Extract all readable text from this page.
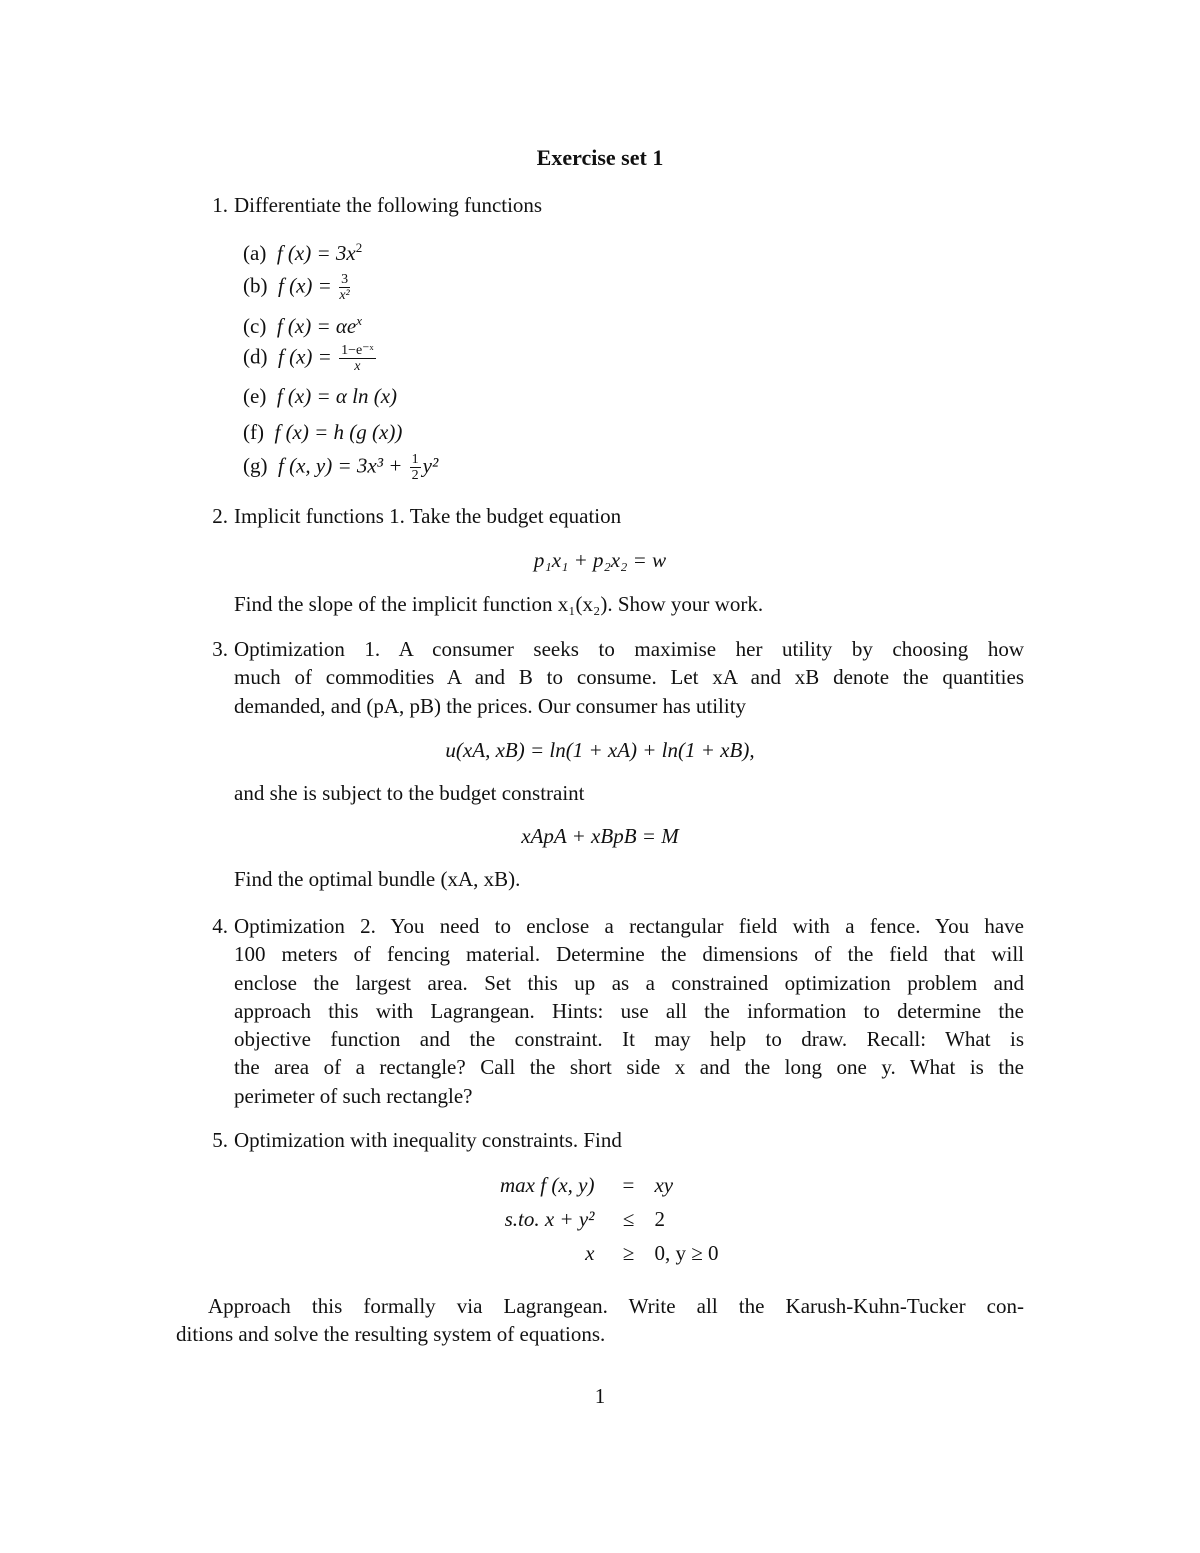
Exercise set 1
1. Differentiate the following functions
(a) f $(x) = 3x^2$
(b) f $(x) = \frac{3}{\text{x²}}$
(c) f $(x) = \alpha e^x$
(d) f $(x) = \frac{\text{1−e⁻ˣ}}{x}$
(e) f (x) = α ln (x)
(f) f (x) = h (g (x))
(g) f (x, $y) = 3x^3 + \frac{1}{2} y^2$
2. Implicit functions 1. Take the budget equation
p₁x₁ + p₂x₂ = w
Find the slope of the implicit function x₁(x₂). Show your work.
3. Optimization 1. A consumer seeks to maximise her utility by choosing how
much of commodities A and B to consume. Let xA and xB denote the quantities
demanded, and (pA, pB) the prices. Our consumer has utility
u(xA, xB) = ln(1 + xA) + ln(1 + xB),
and she is subject to the budget constraint
xApA + xBpB = M
Find the optimal bundle (xA, xB).
4. Optimization 2. You need to enclose a rectangular field with a fence. You have
100 meters of fencing material. Determine the dimensions of the field that will
enclose the largest area. Set this up as a constrained optimization problem and
approach this with Lagrangean. Hints: use all the information to determine the
objective function and the constraint. It may help to draw. Recall: What is
the area of a rectangle? Call the short side x and the long one y. What is the
perimeter of such rectangle?
5. Optimization with inequality constraints. Find
max f (x, y)	=	xy
s.to. x + y²	≤	2
x	≥	0, y ≥ 0
Approach this formally via Lagrangean. Write all the Karush-Kuhn-Tucker con-
ditions and solve the resulting system of equations.
1
